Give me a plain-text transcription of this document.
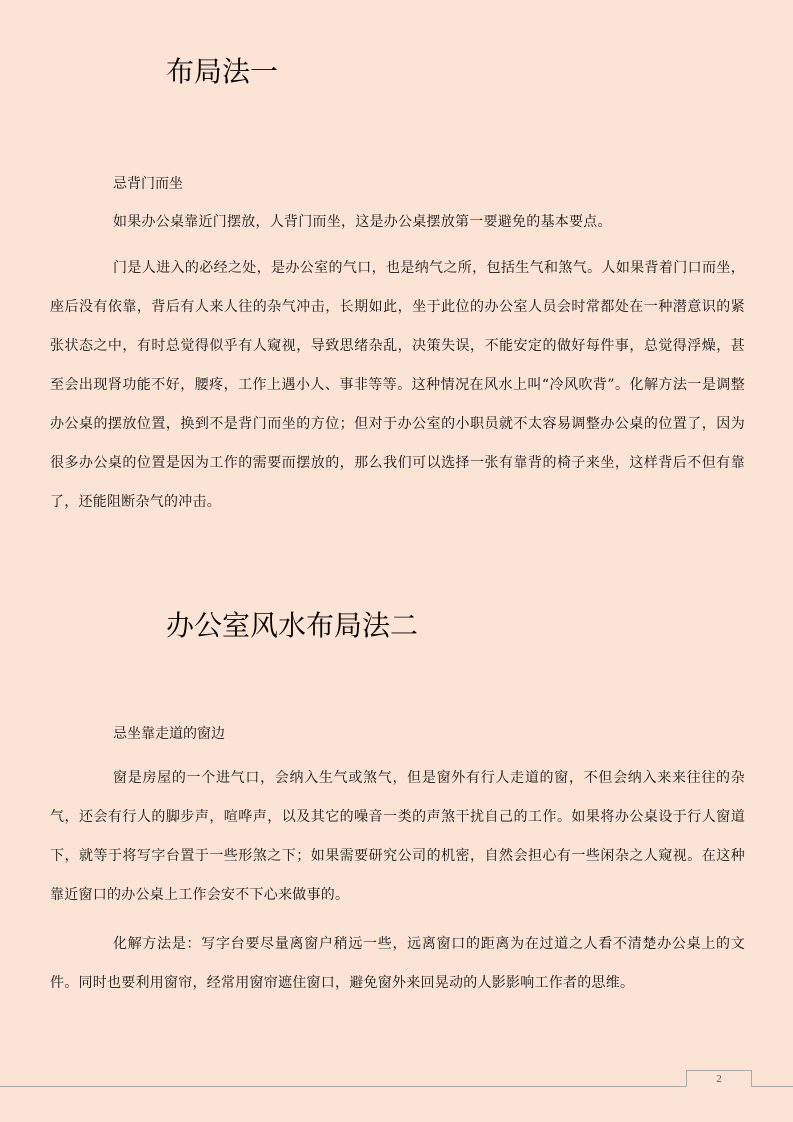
布局法一

忌背门而坐

如果办公桌靠近门摆放，人背门而坐，这是办公桌摆放第一要避免的基本要点。

门是人进入的必经之处，是办公室的气口，也是纳气之所，包括生气和煞气。人如果背着门口而坐，座后没有依靠，背后有人来人往的杂气冲击，长期如此，坐于此位的办公室人员会时常都处在一种潜意识的紧张状态之中，有时总觉得似乎有人窥视，导致思绪杂乱，决策失误，不能安定的做好每件事，总觉得浮燥，甚至会出现肾功能不好，腰疼，工作上遇小人、事非等等。这种情况在风水上叫“冷风吹背”。化解方法一是调整办公桌的摆放位置，换到不是背门而坐的方位；但对于办公室的小职员就不太容易调整办公桌的位置了，因为很多办公桌的位置是因为工作的需要而摆放的，那么我们可以选择一张有靠背的椅子来坐，这样背后不但有靠了，还能阻断杂气的冲击。

办公室风水布局法二

忌坐靠走道的窗边

窗是房屋的一个进气口，会纳入生气或煞气，但是窗外有行人走道的窗，不但会纳入来来往往的杂气，还会有行人的脚步声，喧哗声，以及其它的噪音一类的声煞干扰自己的工作。如果将办公桌设于行人窗道下，就等于将写字台置于一些形煞之下；如果需要研究公司的机密，自然会担心有一些闲杂之人窥视。在这种靠近窗口的办公桌上工作会安不下心来做事的。

化解方法是：写字台要尽量离窗户稍远一些，远离窗口的距离为在过道之人看不清楚办公桌上的文件。同时也要利用窗帘，经常用窗帘遮住窗口，避免窗外来回晃动的人影影响工作者的思维。

2
